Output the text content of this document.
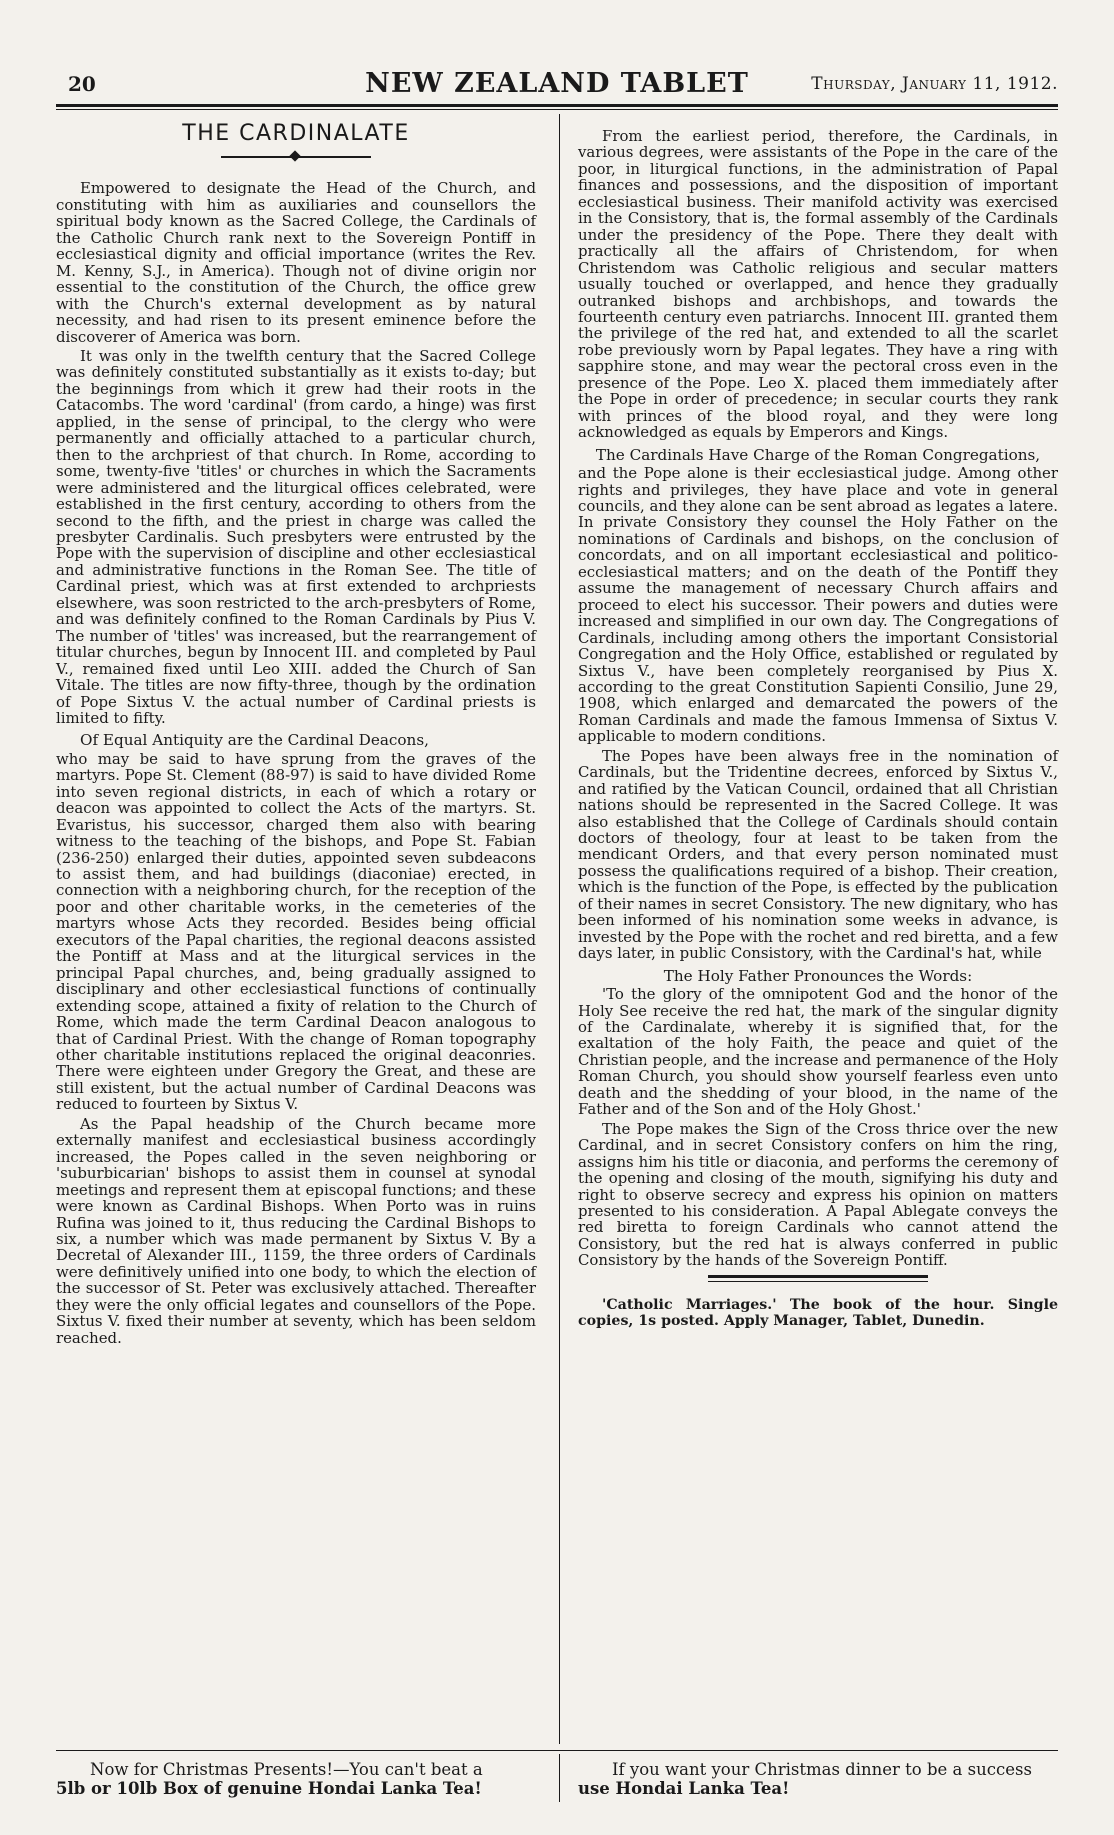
20	NEW ZEALAND TABLET	Thursday, January 11, 1912.
THE CARDINALATE

Empowered to designate the Head of the Church, and constituting with him as auxiliaries and counsellors the spiritual body known as the Sacred College, the Cardinals of the Catholic Church rank next to the Sovereign Pontiff in ecclesiastical dignity and official importance (writes the Rev. M. Kenny, S.J., in America). Though not of divine origin nor essential to the constitution of the Church, the office grew with the Church's external development as by natural necessity, and had risen to its present eminence before the discoverer of America was born.

It was only in the twelfth century that the Sacred College was definitely constituted substantially as it exists to-day; but the beginnings from which it grew had their roots in the Catacombs. The word 'cardinal' (from cardo, a hinge) was first applied, in the sense of principal, to the clergy who were permanently and officially attached to a particular church, then to the archpriest of that church. In Rome, according to some, twenty-five 'titles' or churches in which the Sacraments were administered and the liturgical offices celebrated, were established in the first century, according to others from the second to the fifth, and the priest in charge was called the presbyter Cardinalis. Such presbyters were entrusted by the Pope with the supervision of discipline and other ecclesiastical and administrative functions in the Roman See. The title of Cardinal priest, which was at first extended to archpriests elsewhere, was soon restricted to the arch-presbyters of Rome, and was definitely confined to the Roman Cardinals by Pius V. The number of 'titles' was increased, but the rearrangement of titular churches, begun by Innocent III. and completed by Paul V., remained fixed until Leo XIII. added the Church of San Vitale. The titles are now fifty-three, though by the ordination of Pope Sixtus V. the actual number of Cardinal priests is limited to fifty.

Of Equal Antiquity are the Cardinal Deacons,

who may be said to have sprung from the graves of the martyrs. Pope St. Clement (88-97) is said to have divided Rome into seven regional districts, in each of which a rotary or deacon was appointed to collect the Acts of the martyrs. St. Evaristus, his successor, charged them also with bearing witness to the teaching of the bishops, and Pope St. Fabian (236-250) enlarged their duties, appointed seven subdeacons to assist them, and had buildings (diaconiae) erected, in connection with a neighboring church, for the reception of the poor and other charitable works, in the cemeteries of the martyrs whose Acts they recorded. Besides being official executors of the Papal charities, the regional deacons assisted the Pontiff at Mass and at the liturgical services in the principal Papal churches, and, being gradually assigned to disciplinary and other ecclesiastical functions of continually extending scope, attained a fixity of relation to the Church of Rome, which made the term Cardinal Deacon analogous to that of Cardinal Priest. With the change of Roman topography other charitable institutions replaced the original deaconries. There were eighteen under Gregory the Great, and these are still existent, but the actual number of Cardinal Deacons was reduced to fourteen by Sixtus V.

As the Papal headship of the Church became more externally manifest and ecclesiastical business accordingly increased, the Popes called in the seven neighboring or 'suburbicarian' bishops to assist them in counsel at synodal meetings and represent them at episcopal functions; and these were known as Cardinal Bishops. When Porto was in ruins Rufina was joined to it, thus reducing the Cardinal Bishops to six, a number which was made permanent by Sixtus V. By a Decretal of Alexander III., 1159, the three orders of Cardinals were definitively unified into one body, to which the election of the successor of St. Peter was exclusively attached. Thereafter they were the only official legates and counsellors of the Pope. Sixtus V. fixed their number at seventy, which has been seldom reached.

From the earliest period, therefore, the Cardinals, in various degrees, were assistants of the Pope in the care of the poor, in liturgical functions, in the administration of Papal finances and possessions, and the disposition of important ecclesiastical business. Their manifold activity was exercised in the Consistory, that is, the formal assembly of the Cardinals under the presidency of the Pope. There they dealt with practically all the affairs of Christendom, for when Christendom was Catholic religious and secular matters usually touched or overlapped, and hence they gradually outranked bishops and archbishops, and towards the fourteenth century even patriarchs. Innocent III. granted them the privilege of the red hat, and extended to all the scarlet robe previously worn by Papal legates. They have a ring with sapphire stone, and may wear the pectoral cross even in the presence of the Pope. Leo X. placed them immediately after the Pope in order of precedence; in secular courts they rank with princes of the blood royal, and they were long acknowledged as equals by Emperors and Kings.

The Cardinals Have Charge of the Roman Congregations,

and the Pope alone is their ecclesiastical judge. Among other rights and privileges, they have place and vote in general councils, and they alone can be sent abroad as legates a latere. In private Consistory they counsel the Holy Father on the nominations of Cardinals and bishops, on the conclusion of concordats, and on all important ecclesiastical and politico-ecclesiastical matters; and on the death of the Pontiff they assume the management of necessary Church affairs and proceed to elect his successor. Their powers and duties were increased and simplified in our own day. The Congregations of Cardinals, including among others the important Consistorial Congregation and the Holy Office, established or regulated by Sixtus V., have been completely reorganised by Pius X. according to the great Constitution Sapienti Consilio, June 29, 1908, which enlarged and demarcated the powers of the Roman Cardinals and made the famous Immensa of Sixtus V. applicable to modern conditions.

The Popes have been always free in the nomination of Cardinals, but the Tridentine decrees, enforced by Sixtus V., and ratified by the Vatican Council, ordained that all Christian nations should be represented in the Sacred College. It was also established that the College of Cardinals should contain doctors of theology, four at least to be taken from the mendicant Orders, and that every person nominated must possess the qualifications required of a bishop. Their creation, which is the function of the Pope, is effected by the publication of their names in secret Consistory. The new dignitary, who has been informed of his nomination some weeks in advance, is invested by the Pope with the rochet and red biretta, and a few days later, in public Consistory, with the Cardinal's hat, while

The Holy Father Pronounces the Words:

'To the glory of the omnipotent God and the honor of the Holy See receive the red hat, the mark of the singular dignity of the Cardinalate, whereby it is signified that, for the exaltation of the holy Faith, the peace and quiet of the Christian people, and the increase and permanence of the Holy Roman Church, you should show yourself fearless even unto death and the shedding of your blood, in the name of the Father and of the Son and of the Holy Ghost.'

The Pope makes the Sign of the Cross thrice over the new Cardinal, and in secret Consistory confers on him the ring, assigns him his title or diaconia, and performs the ceremony of the opening and closing of the mouth, signifying his duty and right to observe secrecy and express his opinion on matters presented to his consideration. A Papal Ablegate conveys the red biretta to foreign Cardinals who cannot attend the Consistory, but the red hat is always conferred in public Consistory by the hands of the Sovereign Pontiff.

'Catholic Marriages.' The book of the hour. Single copies, 1s posted. Apply Manager, Tablet, Dunedin.

Now for Christmas Presents!—You can't beat a
5lb or 10lb Box of genuine Hondai Lanka Tea!
If you want your Christmas dinner to be a success
use Hondai Lanka Tea!
